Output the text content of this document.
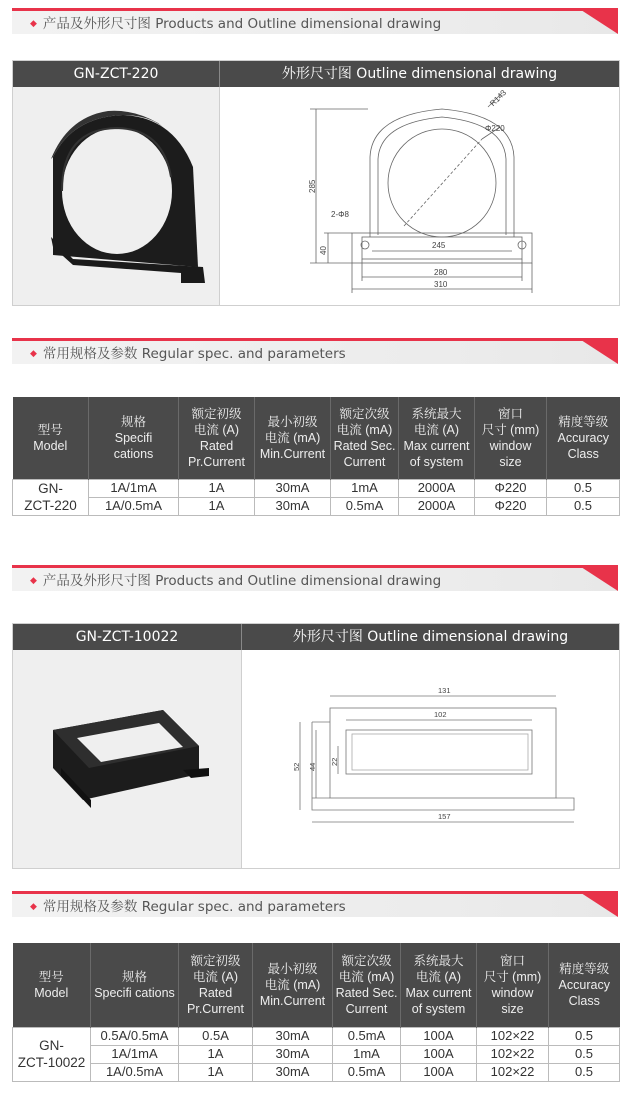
◆ 产品及外形尺寸图 Products and Outline dimensional drawing
GN-ZCT-220	外形尺寸图 Outline dimensional drawing
Φ220
R143
285
2-Φ8
40
245
280
310
◆ 常用规格及参数 Regular spec. and parameters
型号
Model	规格
Specifi
cations	额定初级
电流 (A)
Rated
Pr.Current	最小初级
电流 (mA)
Min.Current	额定次级
电流 (mA)
Rated Sec.
Current	系统最大
电流 (A)
Max current
of system	窗口
尺寸 (mm)
window
size	精度等级
Accuracy
Class
GN-
ZCT-220	1A/1mA	1A	30mA	1mA	2000A	Φ220	0.5
	1A/0.5mA	1A	30mA	0.5mA	2000A	Φ220	0.5
◆ 产品及外形尺寸图 Products and Outline dimensional drawing
GN-ZCT-10022	外形尺寸图 Outline dimensional drawing
131
102
157
52 44
22
◆ 常用规格及参数 Regular spec. and parameters
型号
Model	规格
Specifi cations	额定初级
电流 (A)
Rated
Pr.Current	最小初级
电流 (mA)
Min.Current	额定次级
电流 (mA)
Rated Sec.
Current	系统最大
电流 (A)
Max current
of system	窗口
尺寸 (mm)
window
size	精度等级
Accuracy
Class
GN-
ZCT-10022	0.5A/0.5mA	0.5A	30mA	0.5mA	100A	102×22	0.5
	1A/1mA	1A	30mA	1mA	100A	102×22	0.5
	1A/0.5mA	1A	30mA	0.5mA	100A	102×22	0.5
